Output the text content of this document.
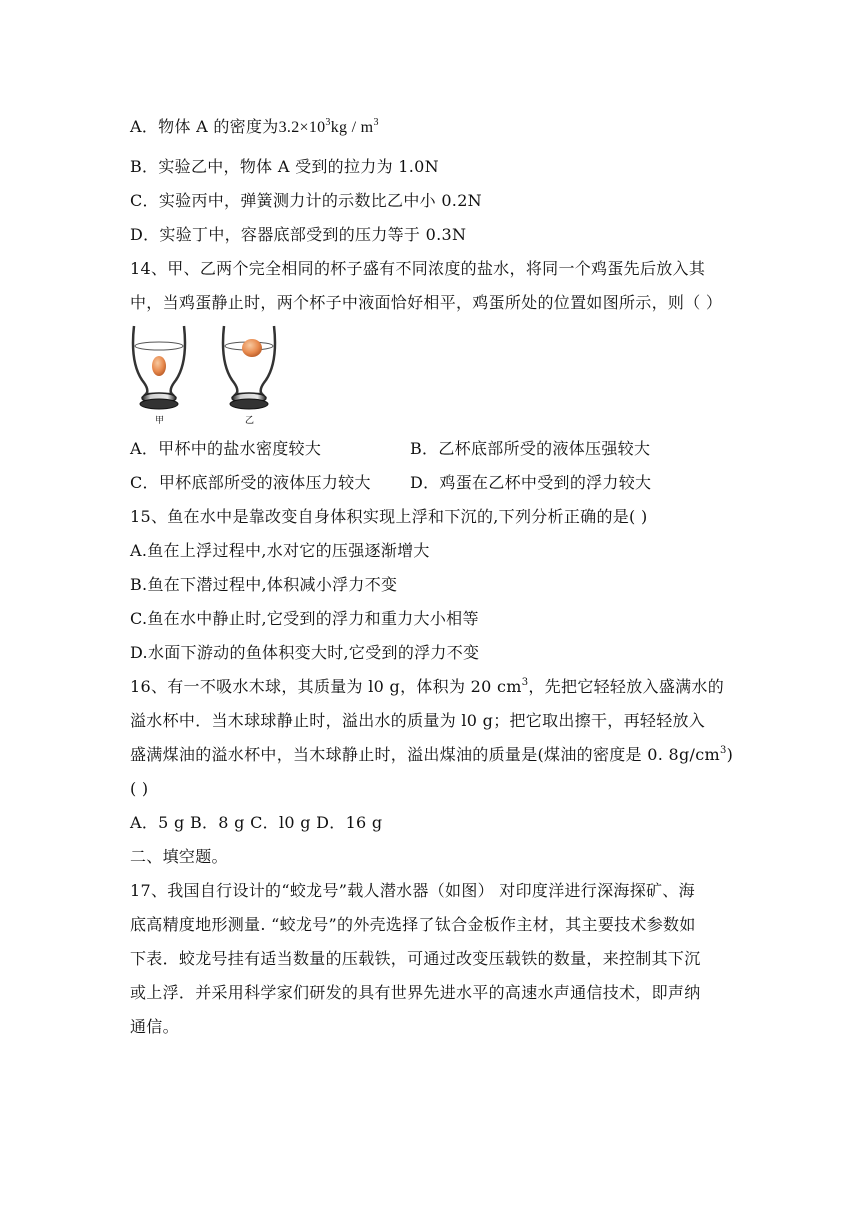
A．物体 A 的密度为$3.2\times 10^3kg / m^3$
B．实验乙中，物体 A 受到的拉力为 1.0N
C．实验丙中，弹簧测力计的示数比乙中小 0.2N
D．实验丁中，容器底部受到的压力等于 0.3N
14、甲、乙两个完全相同的杯子盛有不同浓度的盐水，将同一个鸡蛋先后放入其
中，当鸡蛋静止时，两个杯子中液面恰好相平，鸡蛋所处的位置如图所示，则（ ）
甲	乙
A．甲杯中的盐水密度较大	B．乙杯底部所受的液体压强较大
C．甲杯底部所受的液体压力较大 D．鸡蛋在乙杯中受到的浮力较大
15、鱼在水中是靠改变自身体积实现上浮和下沉的,下列分析正确的是( )
A.鱼在上浮过程中,水对它的压强逐渐增大
B.鱼在下潜过程中,体积减小浮力不变
C.鱼在水中静止时,它受到的浮力和重力大小相等
D.水面下游动的鱼体积变大时,它受到的浮力不变
16、有一不吸水木球，其质量为 l0 g，体积为 20 $cm^3$，先把它轻轻放入盛满水的
溢水杯中．当木球球静止时，溢出水的质量为 l0 g；把它取出擦干，再轻轻放入
盛满煤油的溢水杯中，当木球静止时，溢出煤油的质量是(煤油的密度是 0. $8g/cm^3$)
( )
A．5 g B．8 g C．l0 g D．16 g
二、填空题。
17、我国自行设计的“蛟龙号”载人潜水器（如图） 对印度洋进行深海探矿、海
底高精度地形测量. “蛟龙号”的外壳选择了钛合金板作主材，其主要技术参数如
下表．蛟龙号挂有适当数量的压载铁，可通过改变压载铁的数量，来控制其下沉
或上浮．并采用科学家们研发的具有世界先进水平的高速水声通信技术，即声纳
通信。
